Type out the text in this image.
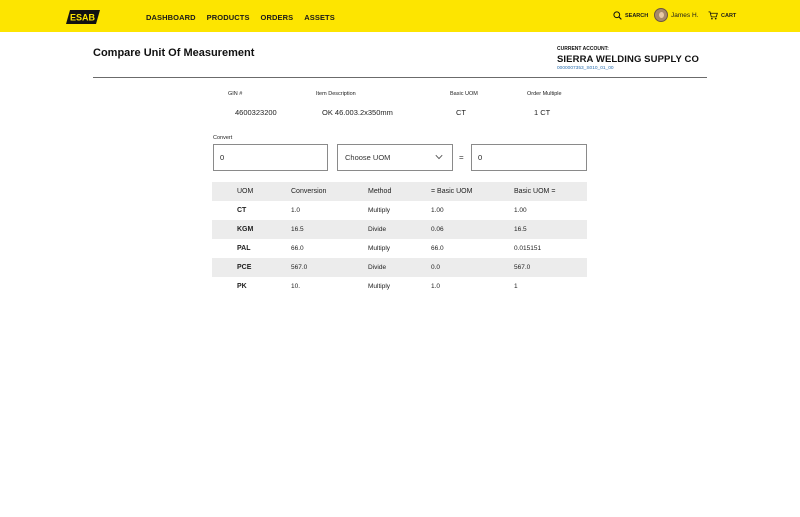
ESAB	DASHBOARD PRODUCTS ORDERS ASSETS	SEARCH	James H.	CART
Compare Unit Of Measurement	CURRENT ACCOUNT:
SIERRA WELDING SUPPLY CO
0000007353_S010_01_00
GIN #	Item Description	Basic UOM	Order Multiple
4600323200	OK 46.003.2x350mm	CT	1 CT
Convert
0
Choose UOM	=
0
UOM	Conversion	Method	= Basic UOM	Basic UOM =
CT	1.0	Multiply	1.00	1.00
KGM	16.5	Divide	0.06	16.5
PAL	66.0	Multiply	66.0	0.015151
PCE	567.0	Divide	0.0	567.0
PK	10.	Multiply	1.0	1
